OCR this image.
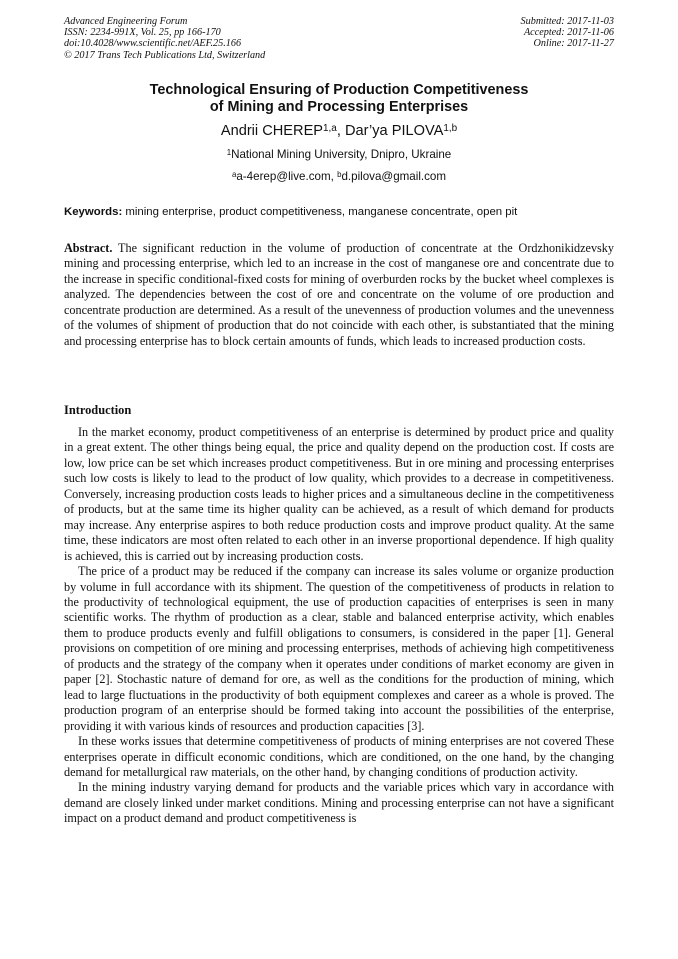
Advanced Engineering Forum
ISSN: 2234-991X, Vol. 25, pp 166-170
doi:10.4028/www.scientific.net/AEF.25.166
© 2017 Trans Tech Publications Ltd, Switzerland
Submitted: 2017-11-03
Accepted: 2017-11-06
Online: 2017-11-27
Technological Ensuring of Production Competitiveness
of Mining and Processing Enterprises
Andrii CHEREP$^{1,a}$, Dar’ya PILOVA$^{1,b}$
$^1$National Mining University, Dnipro, Ukraine
$^a$a-4erep@live.com, $^b$d.pilova@gmail.com
Keywords: mining enterprise, product competitiveness, manganese concentrate, open pit
Abstract. The significant reduction in the volume of production of concentrate at the Ordzhonikidzevsky mining and processing enterprise, which led to an increase in the cost of manganese ore and concentrate due to the increase in specific conditional-fixed costs for mining of overburden rocks by the bucket wheel complexes is analyzed. The dependencies between the cost of ore and concentrate on the volume of ore production and concentrate production are determined. As a result of the unevenness of production volumes and the unevenness of the volumes of shipment of production that do not coincide with each other, is substantiated that the mining and processing enterprise has to block certain amounts of funds, which leads to increased production costs.
Introduction

In the market economy, product competitiveness of an enterprise is determined by product price and quality in a great extent. The other things being equal, the price and quality depend on the production cost. If costs are low, low price can be set which increases product competitiveness. But in ore mining and processing enterprises such low costs is likely to lead to the product of low quality, which provides to a decrease in competitiveness. Conversely, increasing production costs leads to higher prices and a simultaneous decline in the competitiveness of products, but at the same time its higher quality can be achieved, as a result of which demand for products may increase. Any enterprise aspires to both reduce production costs and improve product quality. At the same time, these indicators are most often related to each other in an inverse proportional dependence. If high quality is achieved, this is carried out by increasing production costs.

The price of a product may be reduced if the company can increase its sales volume or organize production by volume in full accordance with its shipment. The question of the competitiveness of products in relation to the productivity of technological equipment, the use of production capacities of enterprises is seen in many scientific works. The rhythm of production as a clear, stable and balanced enterprise activity, which enables them to produce products evenly and fulfill obligations to consumers, is considered in the paper [1]. General provisions on competition of ore mining and processing enterprises, methods of achieving high competitiveness of products and the strategy of the company when it operates under conditions of market economy are given in paper [2]. Stochastic nature of demand for ore, as well as the conditions for the production of mining, which lead to large fluctuations in the productivity of both equipment complexes and career as a whole is proved. The production program of an enterprise should be formed taking into account the possibilities of the enterprise, providing it with various kinds of resources and production capacities [3].

In these works issues that determine competitiveness of products of mining enterprises are not covered These enterprises operate in difficult economic conditions, which are conditioned, on the one hand, by the changing demand for metallurgical raw materials, on the other hand, by changing conditions of production activity.

In the mining industry varying demand for products and the variable prices which vary in accordance with demand are closely linked under market conditions. Mining and processing enterprise can not have a significant impact on a product demand and product competitiveness is
